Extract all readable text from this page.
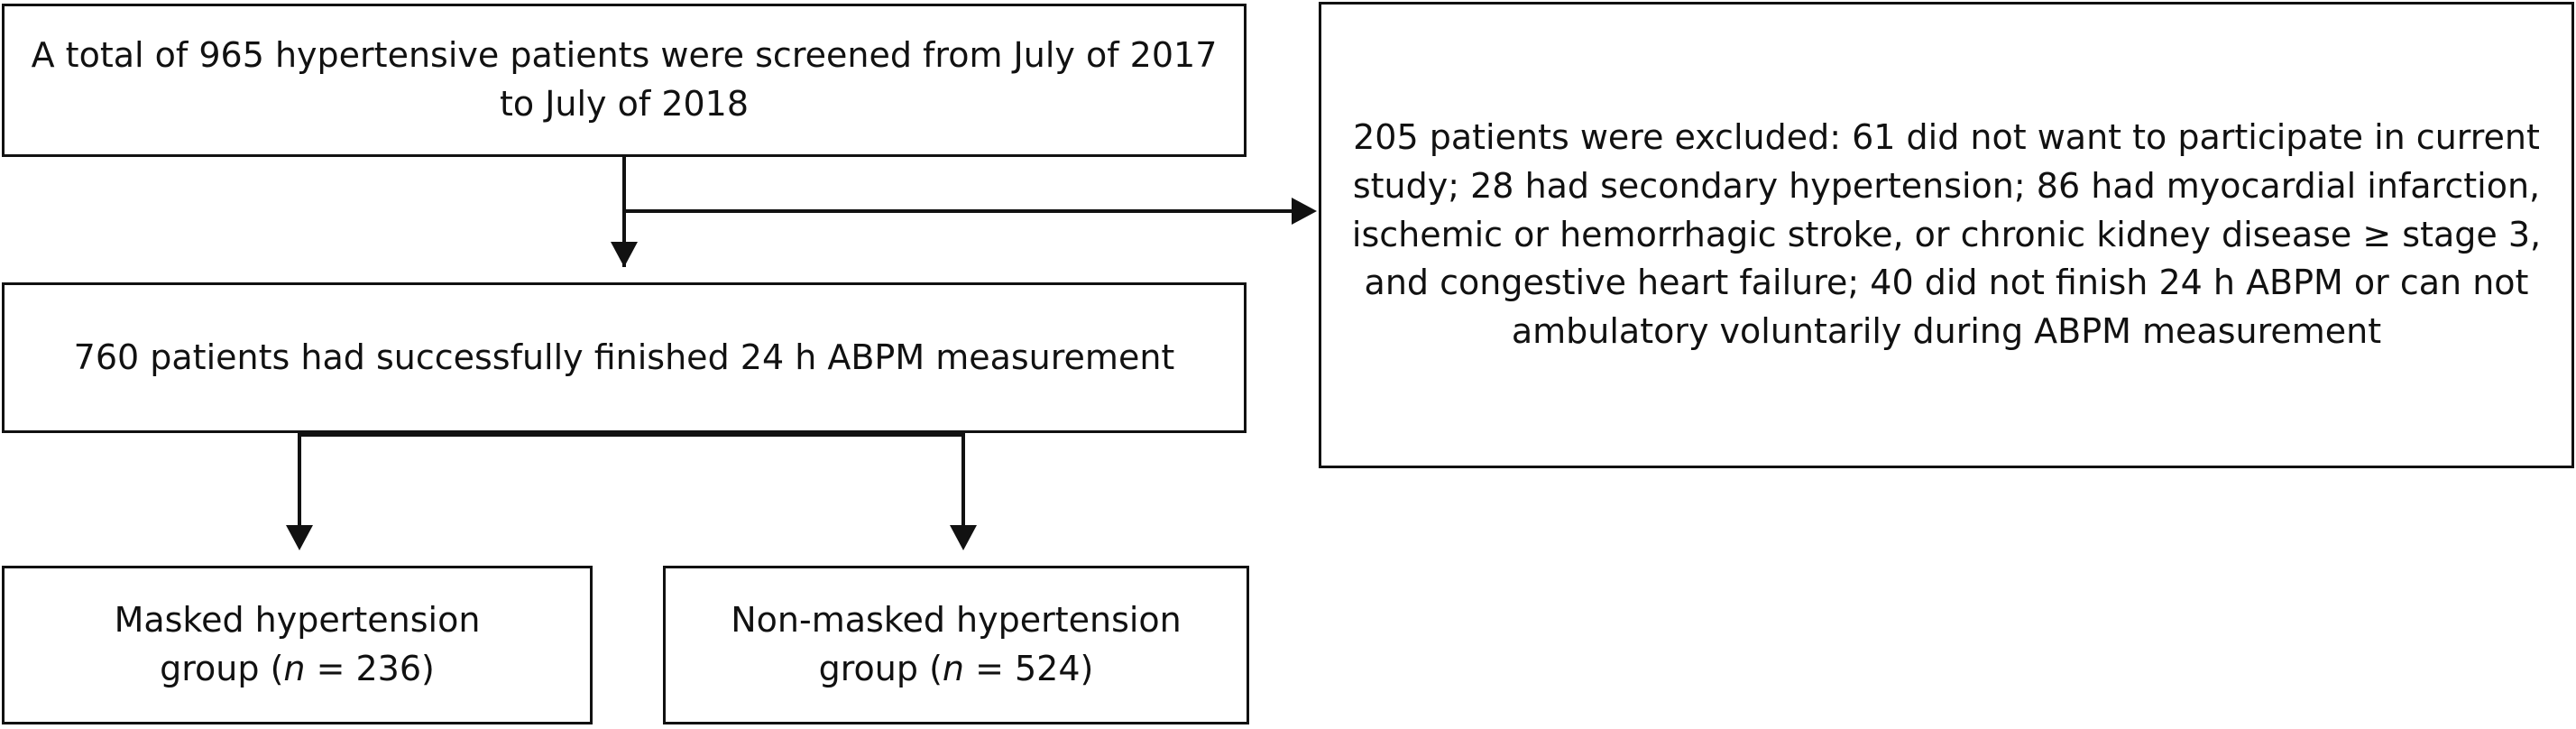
A total of 965 hypertensive patients were screened from July of 2017 to July of 2018
205 patients were excluded: 61 did not want to participate in current study; 28 had secondary hypertension; 86 had myocardial infarction, ischemic or hemorrhagic stroke, or chronic kidney disease ≥ stage 3, and congestive heart failure; 40 did not finish 24 h ABPM or can not ambulatory voluntarily during ABPM measurement
760 patients had successfully finished 24 h ABPM measurement
Masked hypertension
group (n = 236)
Non-masked hypertension
group (n = 524)
